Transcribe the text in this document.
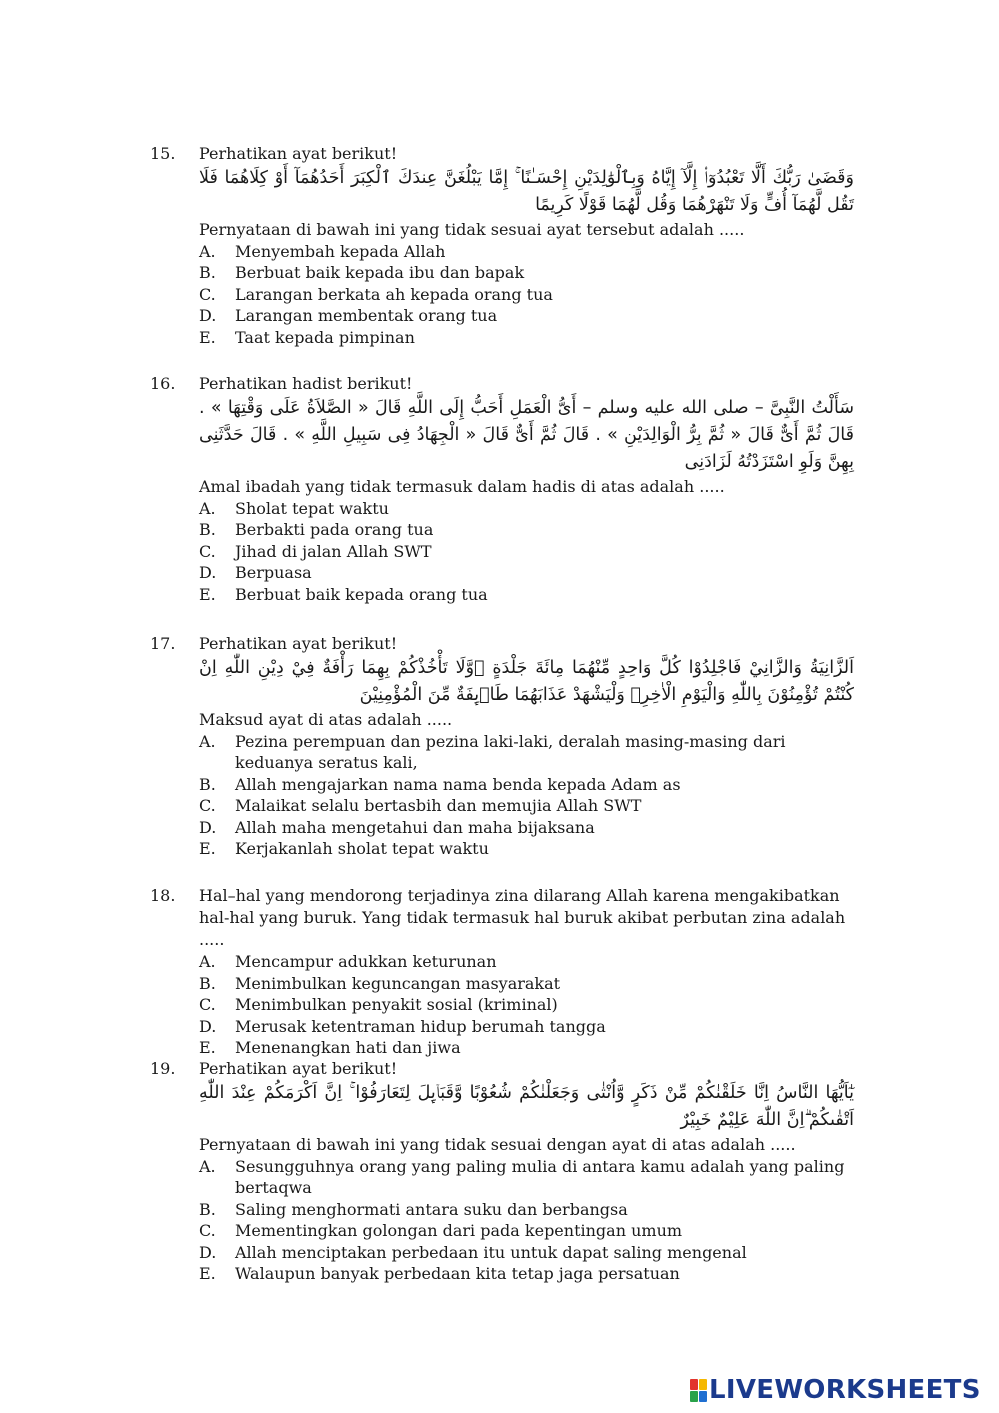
15. Perhatikan ayat berikut!
وَقَضَىٰ رَبُّكَ أَلَّا تَعْبُدُوٓا۟ إِلَّآ إِيَّاهُ وَبِٱلْوَٰلِدَيْنِ إِحْسَـٰنًا ۚ إِمَّا يَبْلُغَنَّ عِندَكَ ٱلْكِبَرَ أَحَدُهُمَآ أَوْ كِلَاهُمَا فَلَا تَقُل لَّهُمَآ أُفٍّ وَلَا تَنْهَرْهُمَا وَقُل لَّهُمَا قَوْلًا كَرِيمًا
Pernyataan di bawah ini yang tidak sesuai ayat tersebut adalah .....
A. Menyembah kepada Allah
B. Berbuat baik kepada ibu dan bapak
C. Larangan berkata ah kepada orang tua
D. Larangan membentak orang tua
E. Taat kepada pimpinan
16. Perhatikan hadist berikut!
سَأَلْتُ النَّبِىَّ – صلى الله عليه وسلم – أَىُّ الْعَمَلِ أَحَبُّ إِلَى اللَّهِ قَالَ « الصَّلاَةُ عَلَى وَقْتِهَا » . قَالَ ثُمَّ أَىٌّ قَالَ « ثُمَّ بِرُّ الْوَالِدَيْنِ » . قَالَ ثُمَّ أَىٌّ قَالَ « الْجِهَادُ فِى سَبِيلِ اللَّهِ » . قَالَ حَدَّثَنِى بِهِنَّ وَلَوِ اسْتَزَدْتُهُ لَزَادَنِى
Amal ibadah yang tidak termasuk dalam hadis di atas adalah .....
A. Sholat tepat waktu
B. Berbakti pada orang tua
C. Jihad di jalan Allah SWT
D. Berpuasa
E. Berbuat baik kepada orang tua
17. Perhatikan ayat berikut!
اَلزَّانِيَةُ وَالزَّانِيْ فَاجْلِدُوْا كُلَّ وَاحِدٍ مِّنْهُمَا مِائَةَ جَلْدَةٍ ۖوَّلَا تَأْخُذْكُمْ بِهِمَا رَأْفَةٌ فِيْ دِيْنِ اللّٰهِ اِنْ كُنْتُمْ تُؤْمِنُوْنَ بِاللّٰهِ وَالْيَوْمِ الْاٰخِرِۚ وَلْيَشْهَدْ عَذَابَهُمَا طَاۤىِٕفَةٌ مِّنَ الْمُؤْمِنِيْنَ
Maksud ayat di atas adalah .....
A. Pezina perempuan dan pezina laki-laki, deralah masing-masing dari keduanya seratus kali,
B. Allah mengajarkan nama nama benda kepada Adam as
C. Malaikat selalu bertasbih dan memujia Allah SWT
D. Allah maha mengetahui dan maha bijaksana
E. Kerjakanlah sholat tepat waktu
18. Hal–hal yang mendorong terjadinya zina dilarang Allah karena mengakibatkan hal-hal yang buruk. Yang tidak termasuk hal buruk akibat perbutan zina adalah .....
A. Mencampur adukkan keturunan
B. Menimbulkan keguncangan masyarakat
C. Menimbulkan penyakit sosial (kriminal)
D. Merusak ketentraman hidup berumah tangga
E. Menenangkan hati dan jiwa
19. Perhatikan ayat berikut!
يٰٓاَيُّهَا النَّاسُ اِنَّا خَلَقْنٰكُمْ مِّنْ ذَكَرٍ وَّاُنْثٰى وَجَعَلْنٰكُمْ شُعُوْبًا وَّقَبَاۤىِٕلَ لِتَعَارَفُوْا ۚ اِنَّ اَكْرَمَكُمْ عِنْدَ اللّٰهِ اَتْقٰىكُمْ ۗاِنَّ اللّٰهَ عَلِيْمٌ خَبِيْرٌ
Pernyataan di bawah ini yang tidak sesuai dengan ayat di atas adalah .....
A. Sesungguhnya orang yang paling mulia di antara kamu adalah yang paling bertaqwa
B. Saling menghormati antara suku dan berbangsa
C. Mementingkan golongan dari pada kepentingan umum
D. Allah menciptakan perbedaan itu untuk dapat saling mengenal
E. Walaupun banyak perbedaan kita tetap jaga persatuan
LIVEWORKSHEETS
